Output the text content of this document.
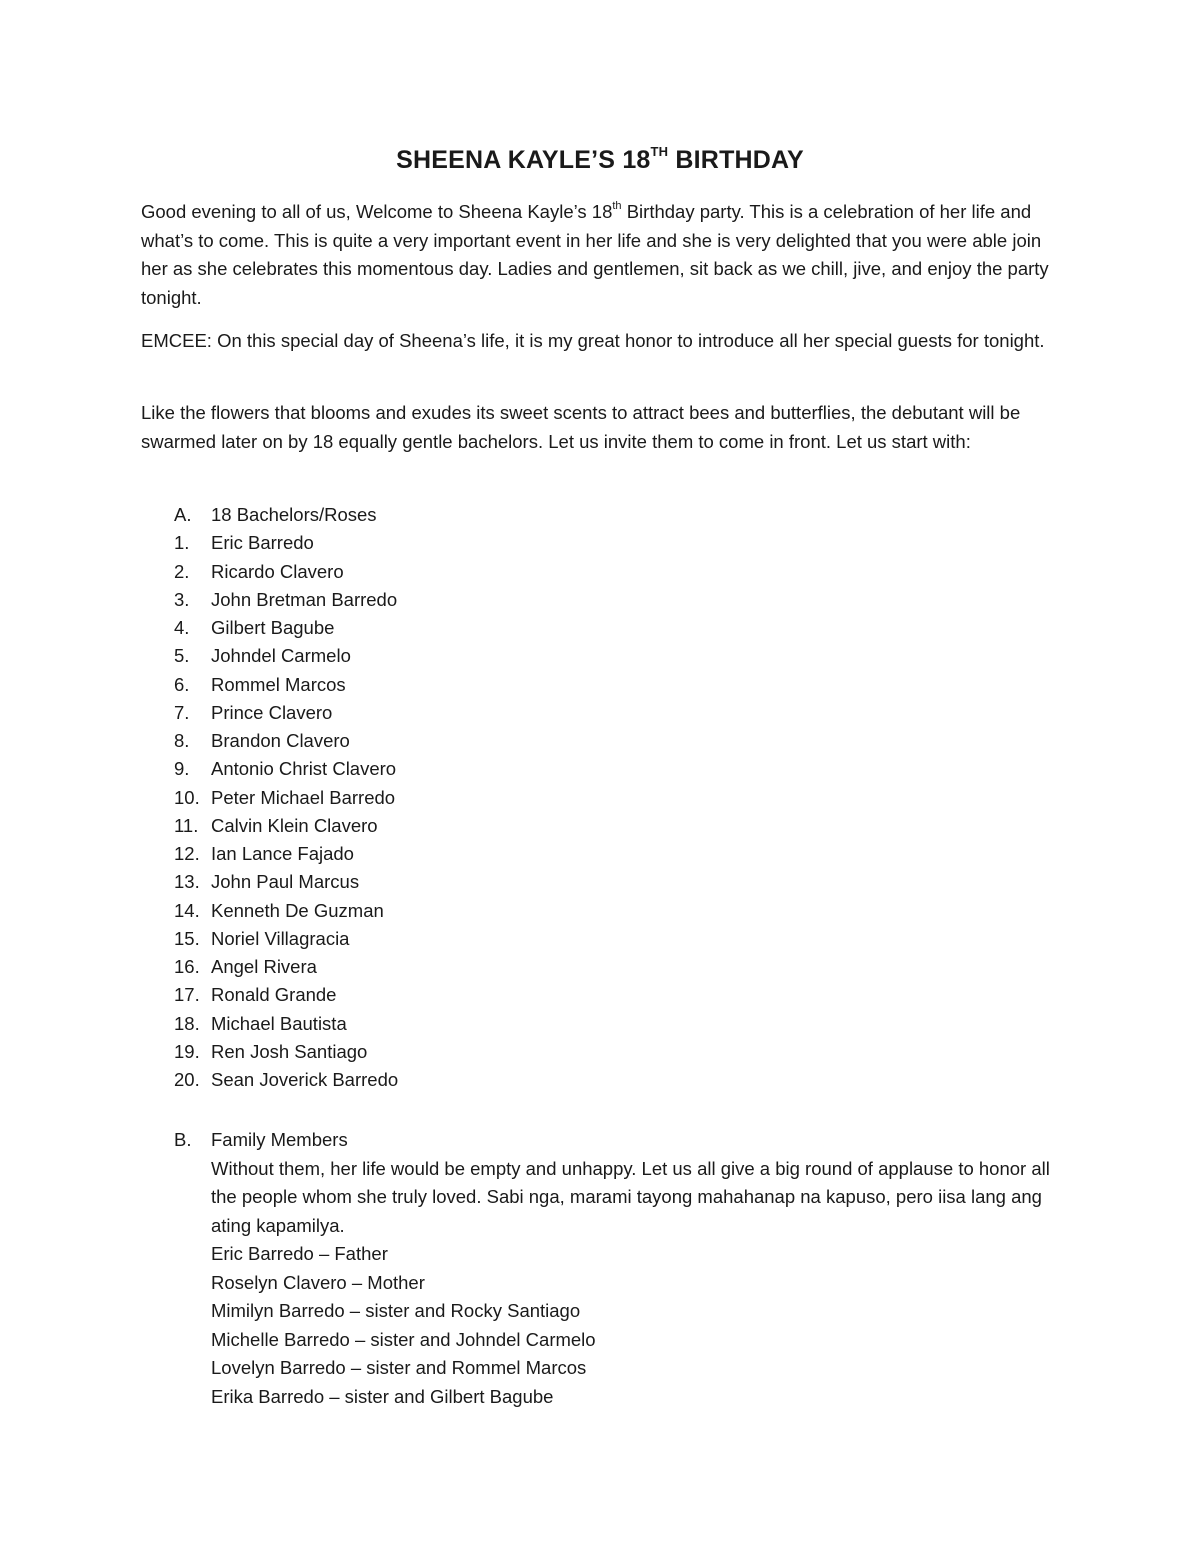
SHEENA KAYLE’S 18TH BIRTHDAY

Good evening to all of us, Welcome to Sheena Kayle’s 18th Birthday party. This is a celebration of her life and what’s to come. This is quite a very important event in her life and she is very delighted that you were able join her as she celebrates this momentous day. Ladies and gentlemen, sit back as we chill, jive, and enjoy the party tonight.

EMCEE: On this special day of Sheena’s life, it is my great honor to introduce all her special guests for tonight.

Like the flowers that blooms and exudes its sweet scents to attract bees and butterflies, the debutant will be swarmed later on by 18 equally gentle bachelors. Let us invite them to come in front. Let us start with:

A. 18 Bachelors/Roses
1. Eric Barredo
2. Ricardo Clavero
3. John Bretman Barredo
4. Gilbert Bagube
5. Johndel Carmelo
6. Rommel Marcos
7. Prince Clavero
8. Brandon Clavero
9. Antonio Christ Clavero
10. Peter Michael Barredo
11. Calvin Klein Clavero
12. Ian Lance Fajado
13. John Paul Marcus
14. Kenneth De Guzman
15. Noriel Villagracia
16. Angel Rivera
17. Ronald Grande
18. Michael Bautista
19. Ren Josh Santiago
20. Sean Joverick Barredo
B. Family Members
Without them, her life would be empty and unhappy. Let us all give a big round of applause to honor all the people whom she truly loved. Sabi nga, marami tayong mahahanap na kapuso, pero iisa lang ang ating kapamilya.
Eric Barredo – Father
Roselyn Clavero – Mother
Mimilyn Barredo – sister and Rocky Santiago
Michelle Barredo – sister and Johndel Carmelo
Lovelyn Barredo – sister and Rommel Marcos
Erika Barredo – sister and Gilbert Bagube
